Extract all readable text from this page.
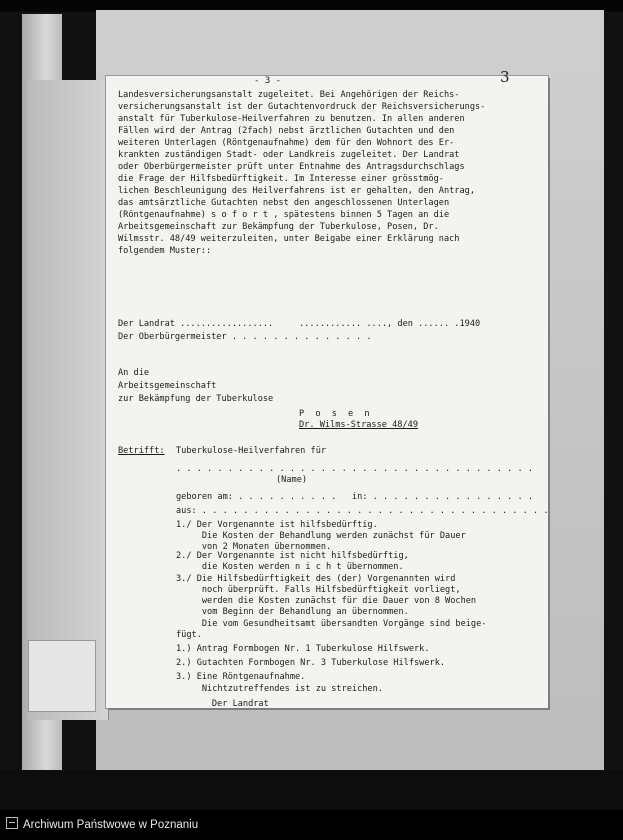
- 3 -	3
Landesversicherungsanstalt zugeleitet. Bei Angehörigen der Reichs-
versicherungsanstalt ist der Gutachtenvordruck der Reichsversicherungs-
anstalt für Tuberkulose-Heilverfahren zu benutzen. In allen anderen
Fällen wird der Antrag (2fach) nebst ärztlichen Gutachten und den
weiteren Unterlagen (Röntgenaufnahme) dem für den Wohnort des Er-
krankten zuständigen Stadt- oder Landkreis zugeleitet. Der Landrat
oder Oberbürgermeister prüft unter Entnahme des Antragsdurchschlags
die Frage der Hilfsbedürftigkeit. Im Interesse einer grösstmög-
lichen Beschleunigung des Heilverfahrens ist er gehalten, den Antrag,
das amtsärztliche Gutachten nebst den angeschlossenen Unterlagen
(Röntgenaufnahme) s o f o r t , spätestens binnen 5 Tagen an die
Arbeitsgemeinschaft zur Bekämpfung der Tuberkulose, Posen, Dr.
Wilmsstr. 48/49 weiterzuleiten, unter Beigabe einer Erklärung nach
folgendem Muster::
Der Landrat ..................     ............ ...., den ...... .1940
Der Oberbürgermeister . . . . . . . . . . . . . .
An die
Arbeitsgemeinschaft
zur Bekämpfung der Tuberkulose
P o s e n
Dr. Wilms-Strasse 48/49
Betrifft: Tuberkulose-Heilverfahren für
. . . . . . . . . . . . . . . . . . . . . . . . . . . . . . . . . . .
(Name)
geboren am: . . . . . . . . . .   in: . . . . . . . . . . . . . . . .
aus: . . . . . . . . . . . . . . . . . . . . . . . . . . . . . . . . . .
1./ Der Vorgenannte ist hilfsbedürftig.
Die Kosten der Behandlung werden zunächst für Dauer
von 2 Monaten übernommen.
2./ Der Vorgenannte ist nicht hilfsbedürftig,
die Kosten werden n i c h t übernommen.
3./ Die Hilfsbedürftigkeit des (der) Vorgenannten wird
noch überprüft. Falls Hilfsbedürftigkeit vorliegt,
werden die Kosten zunächst für die Dauer von 8 Wochen
vom Beginn der Behandlung an übernommen.
Die vom Gesundheitsamt übersandten Vorgänge sind beige-
fügt.
1.) Antrag Formbogen Nr. 1 Tuberkulose Hilfswerk.
2.) Gutachten Formbogen Nr. 3 Tuberkulose Hilfswerk.
3.) Eine Röntgenaufnahme.
Nichtzutreffendes ist zu streichen.
Der Landrat
Archiwum Państwowe w Poznaniu
